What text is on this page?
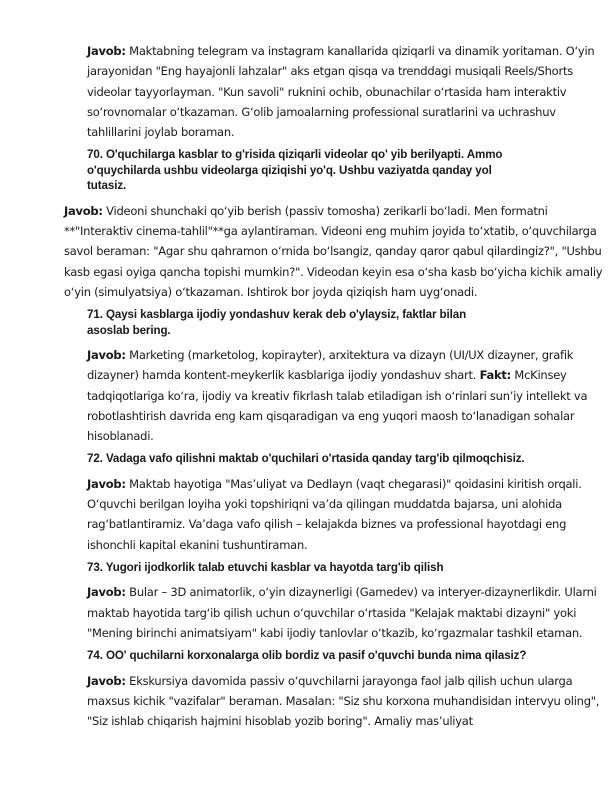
Javob: Maktabning telegram va instagram kanallarida qiziqarli va dinamik yoritaman. O‘yin jarayonidan "Eng hayajonli lahzalar" aks etgan qisqa va trenddagi musiqali Reels/Shorts videolar tayyorlayman. "Kun savoli" ruknini ochib, obunachilar o‘rtasida ham interaktiv so‘rovnomalar o‘tkazaman. G‘olib jamoalarning professional suratlarini va uchrashuv tahlillarini joylab boraman.

70. O'quchilarga kasblar to g'risida qiziqarli videolar qo' yib berilyapti. Ammo o'quychilarda ushbu videolarga qiziqishi yo'q. Ushbu vaziyatda qanday yol tutasiz.

Javob: Videoni shunchaki qo‘yib berish (passiv tomosha) zerikarli bo‘ladi. Men formatni **"Interaktiv cinema-tahlil"**ga aylantiraman. Videoni eng muhim joyida to‘xtatib, o‘quvchilarga savol beraman: "Agar shu qahramon o‘rnida bo‘lsangiz, qanday qaror qabul qilardingiz?", "Ushbu kasb egasi oyiga qancha topishi mumkin?". Videodan keyin esa o‘sha kasb bo‘yicha kichik amaliy o‘yin (simulyatsiya) o‘tkazaman. Ishtirok bor joyda qiziqish ham uyg‘onadi.

71. Qaysi kasblarga ijodiy yondashuv kerak deb o'ylaysiz, faktlar bilan asoslab bering.

Javob: Marketing (marketolog, kopirayter), arxitektura va dizayn (UI/UX dizayner, grafik dizayner) hamda kontent-meykerlik kasblariga ijodiy yondashuv shart. Fakt: McKinsey tadqiqotlariga ko‘ra, ijodiy va kreativ fikrlash talab etiladigan ish o‘rinlari sun’iy intellekt va robotlashtirish davrida eng kam qisqaradigan va eng yuqori maosh to‘lanadigan sohalar hisoblanadi.

72. Vadaga vafo qilishni maktab o'quchilari o'rtasida qanday targ'ib qilmoqchisiz.

Javob: Maktab hayotiga "Mas’uliyat va Dedlayn (vaqt chegarasi)" qoidasini kiritish orqali. O‘quvchi berilgan loyiha yoki topshiriqni va’da qilingan muddatda bajarsa, uni alohida rag‘batlantiramiz. Va’daga vafo qilish – kelajakda biznes va professional hayotdagi eng ishonchli kapital ekanini tushuntiraman.

73. Yugori ijodkorlik talab etuvchi kasblar va hayotda targ'ib qilish

Javob: Bular – 3D animatorlik, o‘yin dizaynerligi (Gamedev) va interyer-dizaynerlikdir. Ularni maktab hayotida targ‘ib qilish uchun o‘quvchilar o‘rtasida "Kelajak maktabi dizayni" yoki "Mening birinchi animatsiyam" kabi ijodiy tanlovlar o‘tkazib, ko‘rgazmalar tashkil etaman.

74. OO' quchilarni korxonalarga olib bordiz va pasif o'quvchi bunda nima qilasiz?

Javob: Ekskursiya davomida passiv o‘quvchilarni jarayonga faol jalb qilish uchun ularga maxsus kichik "vazifalar" beraman. Masalan: "Siz shu korxona muhandisidan intervyu oling", "Siz ishlab chiqarish hajmini hisoblab yozib boring". Amaliy mas’uliyat
